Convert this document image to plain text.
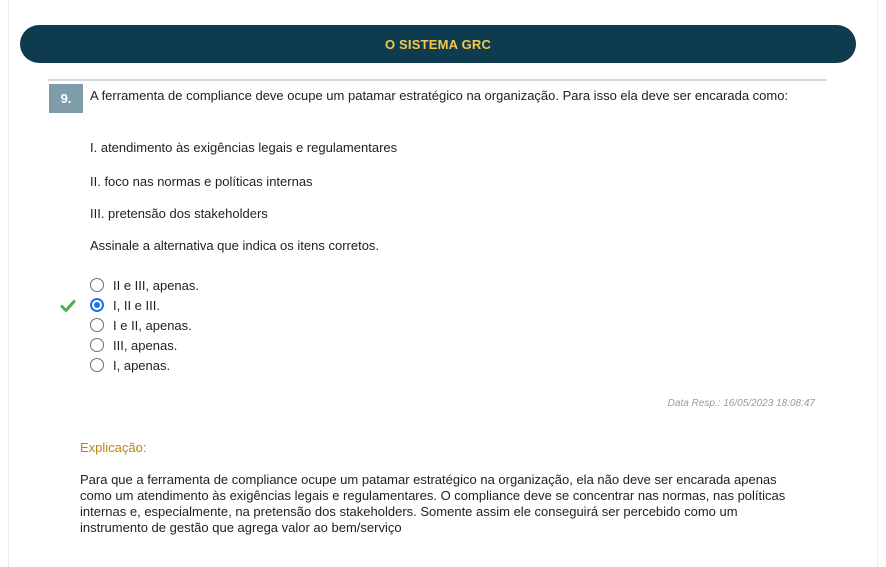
O SISTEMA GRC
9.	A ferramenta de compliance deve ocupe um patamar estratégico na organização. Para isso ela deve ser encarada como:
I. atendimento às exigências legais e regulamentares
II. foco nas normas e políticas internas
III. pretensão dos stakeholders
Assinale a alternativa que indica os itens corretos.
II e III, apenas.
I, II e III.
I e II, apenas.
III, apenas.
I, apenas.
Data Resp.: 16/05/2023 18:08:47
Explicação:
Para que a ferramenta de compliance ocupe um patamar estratégico na organização, ela não deve ser encarada apenas como um atendimento às exigências legais e regulamentares. O compliance deve se concentrar nas normas, nas políticas internas e, especialmente, na pretensão dos stakeholders. Somente assim ele conseguirá ser percebido como um instrumento de gestão que agrega valor ao bem/serviço
